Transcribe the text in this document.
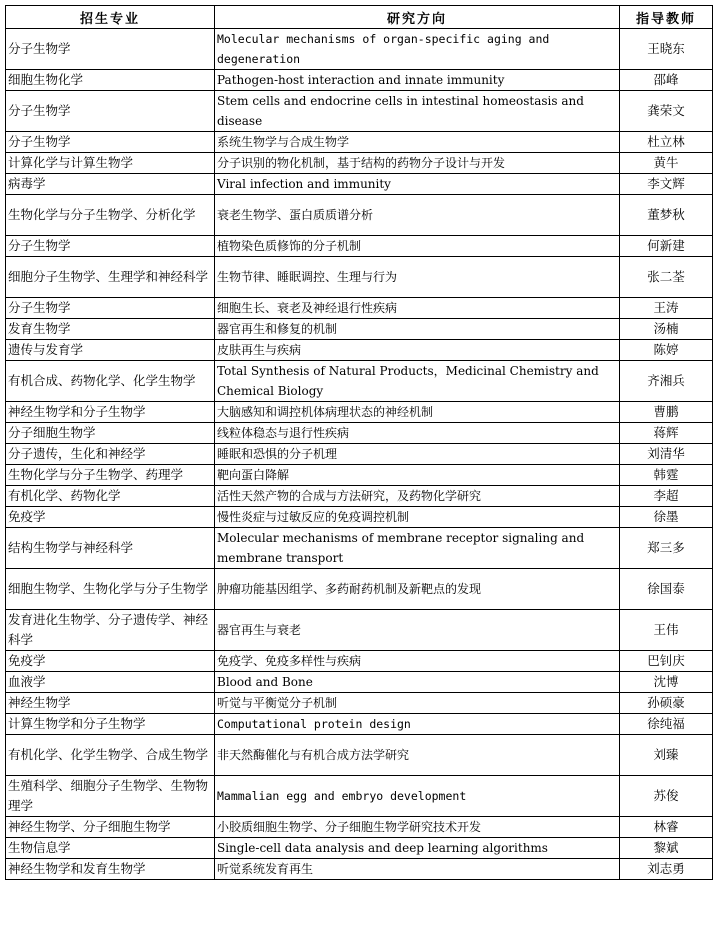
招生专业	研究方向	指导教师
分子生物学	Molecular mechanisms of organ-specific aging and degeneration	王晓东
细胞生物化学	Pathogen-host interaction and innate immunity	邵峰
分子生物学	Stem cells and endocrine cells in intestinal homeostasis and disease	龚荣文
分子生物学	系统生物学与合成生物学	杜立林
计算化学与计算生物学	分子识别的物化机制，基于结构的药物分子设计与开发	黄牛
病毒学	Viral infection and immunity	李文辉
生物化学与分子生物学、分析化学	衰老生物学、蛋白质质谱分析	董梦秋
分子生物学	植物染色质修饰的分子机制	何新建
细胞分子生物学、生理学和神经科学	生物节律、睡眠调控、生理与行为	张二荃
分子生物学	细胞生长、衰老及神经退行性疾病	王涛
发育生物学	器官再生和修复的机制	汤楠
遗传与发育学	皮肤再生与疾病	陈婷
有机合成、药物化学、化学生物学	Total Synthesis of Natural Products，Medicinal Chemistry and Chemical Biology	齐湘兵
神经生物学和分子生物学	大脑感知和调控机体病理状态的神经机制	曹鹏
分子细胞生物学	线粒体稳态与退行性疾病	蒋辉
分子遗传，生化和神经学	睡眠和恐惧的分子机理	刘清华
生物化学与分子生物学、药理学	靶向蛋白降解	韩霆
有机化学、药物化学	活性天然产物的合成与方法研究，及药物化学研究	李超
免疫学	慢性炎症与过敏反应的免疫调控机制	徐墨
结构生物学与神经科学	Molecular mechanisms of membrane receptor signaling and membrane transport	郑三多
细胞生物学、生物化学与分子生物学	肿瘤功能基因组学、多药耐药机制及新靶点的发现	徐国泰
发育进化生物学、分子遗传学、神经科学	器官再生与衰老	王伟
免疫学	免疫学、免疫多样性与疾病	巴钊庆
血液学	Blood and Bone	沈博
神经生物学	听觉与平衡觉分子机制	孙硕豪
计算生物学和分子生物学	Computational protein design	徐纯福
有机化学、化学生物学、合成生物学	非天然酶催化与有机合成方法学研究	刘臻
生殖科学、细胞分子生物学、生物物理学	Mammalian egg and embryo development	苏俊
神经生物学、分子细胞生物学	小胶质细胞生物学、分子细胞生物学研究技术开发	林睿
生物信息学	Single-cell data analysis and deep learning algorithms	黎斌
神经生物学和发育生物学	听觉系统发育再生	刘志勇
